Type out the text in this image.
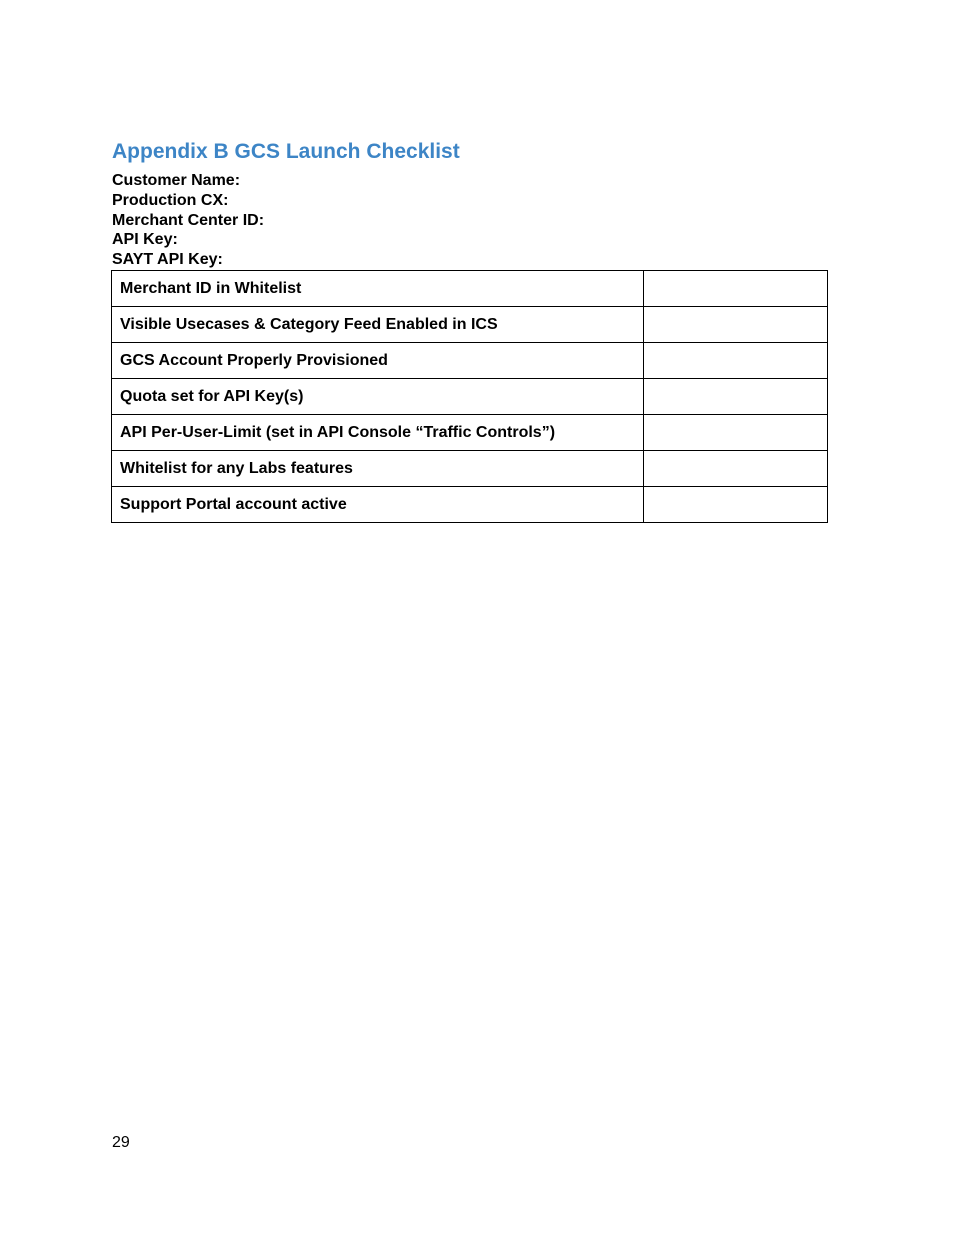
Appendix B GCS Launch Checklist
Customer Name:
Production CX:
Merchant Center ID:
API Key:
SAYT API Key:
Merchant ID in Whitelist	
Visible Usecases & Category Feed Enabled in ICS	
GCS Account Properly Provisioned	
Quota set for API Key(s)	
API Per-User-Limit (set in API Console “Traffic Controls”)	
Whitelist for any Labs features	
Support Portal account active	
29
